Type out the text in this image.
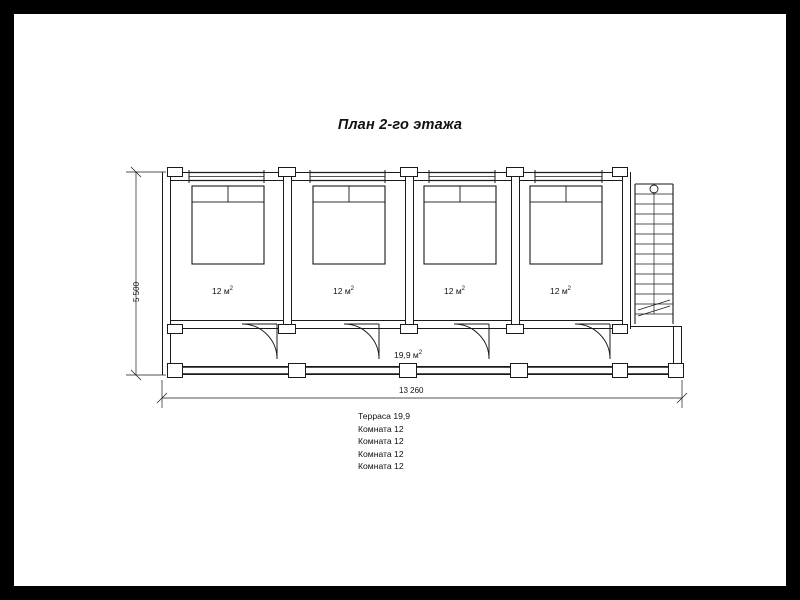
План 2-го этажа
12 $м^2$	12 $м^2$	12 $м^2$	12 $м^2$
19,9 $м^2$
5 500
13 260
Терраса 19,9
Комната 12
Комната 12
Комната 12
Комната 12
